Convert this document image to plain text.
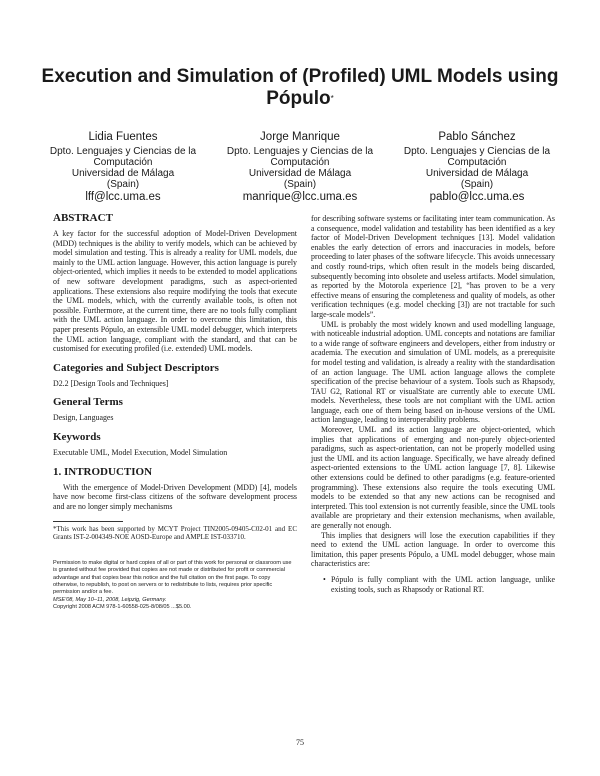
Execution and Simulation of (Profiled) UML Models using Pópulo*
Lidia Fuentes
Dpto. Lenguajes y Ciencias de la Computación
Universidad de Málaga
(Spain)
lff@lcc.uma.es
Jorge Manrique
Dpto. Lenguajes y Ciencias de la Computación
Universidad de Málaga
(Spain)
manrique@lcc.uma.es
Pablo Sánchez
Dpto. Lenguajes y Ciencias de la Computación
Universidad de Málaga
(Spain)
pablo@lcc.uma.es
ABSTRACT

A key factor for the successful adoption of Model-Driven Development (MDD) techniques is the ability to verify models, which can be achieved by model simulation and testing. This is already a reality for UML models, due mainly to the UML action language. However, this action language is purely object-oriented, which implies it needs to be extended to model applications of new software development paradigms, such as aspect-oriented applications. These extensions also require modifying the tools that execute the UML models, which, with the currently available tools, is often not possible. Furthermore, at the current time, there are no tools fully compliant with the UML action language. In order to overcome this limitation, this paper presents Pópulo, an extensible UML model debugger, which interprets the UML action language, compliant with the standard, and that can be customised for executing profiled (i.e. extended) UML models.

Categories and Subject Descriptors

D2.2 [Design Tools and Techniques]

General Terms

Design, Languages

Keywords

Executable UML, Model Execution, Model Simulation

1. INTRODUCTION

With the emergence of Model-Driven Development (MDD) [4], models have now become first-class citizens of the software development process and are no longer simply mechanisms

*This work has been supported by MCYT Project TIN2005-09405-C02-01 and EC Grants IST-2-004349-NOE AOSD-Europe and AMPLE IST-033710.

Permission to make digital or hard copies of all or part of this work for personal or classroom use is granted without fee provided that copies are not made or distributed for profit or commercial advantage and that copies bear this notice and the full citation on the first page. To copy otherwise, to republish, to post on servers or to redistribute to lists, requires prior specific permission and/or a fee.
MSE'08, May 10–11, 2008, Leipzig, Germany.
Copyright 2008 ACM 978-1-60558-025-8/08/05 ...$5.00.

for describing software systems or facilitating inter team communication. As a consequence, model validation and testability has been identified as a key factor of Model-Driven Development techniques [13]. Model validation enables the early detection of errors and inaccuracies in models, before proceeding to later phases of the software lifecycle. This avoids unnecessary and costly round-trips, which often result in the models being discarded, subsequently becoming into obsolete and useless artifacts. Model simulation, as reported by the Motorola experience [2], “has proven to be a very effective means of ensuring the completeness and quality of models, as other verification techniques (e.g. model checking [3]) are not tractable for such large-scale models”.

UML is probably the most widely known and used modelling language, with noticeable industrial adoption. UML concepts and notations are familiar to a wide range of software engineers and developers, either from industry or academia. The execution and simulation of UML models, as a prerequisite for model testing and validation, is already a reality with the standardisation of an action language. The UML action language allows the complete specification of the precise behaviour of a system. Tools such as Rhapsody, TAU G2, Rational RT or visualState are currently able to execute UML models. Nevertheless, these tools are not compliant with the UML action language, each one of them being based on in-house versions of the UML action language, leading to interoperability problems.

Moreover, UML and its action language are object-oriented, which implies that applications of emerging and non-purely object-oriented paradigms, such as aspect-orientation, can not be properly modelled using just the UML and its action language. Specifically, we have already defined aspect-oriented extensions to the UML action language [7, 8]. Likewise other extensions could be defined to other paradigms (e.g. feature-oriented programming). These extensions also require the tools executing UML models to be extended so that any new actions can be recognised and interpreted. This tool extension is not currently feasible, since the UML tools available are proprietary and their extension mechanisms, when available, are generally not enough.

This implies that designers will lose the execution capabilities if they need to extend the UML action language. In order to overcome this limitation, this paper presents Pópulo, a UML model debugger, whose main characteristics are:

• Pópulo is fully compliant with the UML action language, unlike existing tools, such as Rhapsody or Rational RT.
75
